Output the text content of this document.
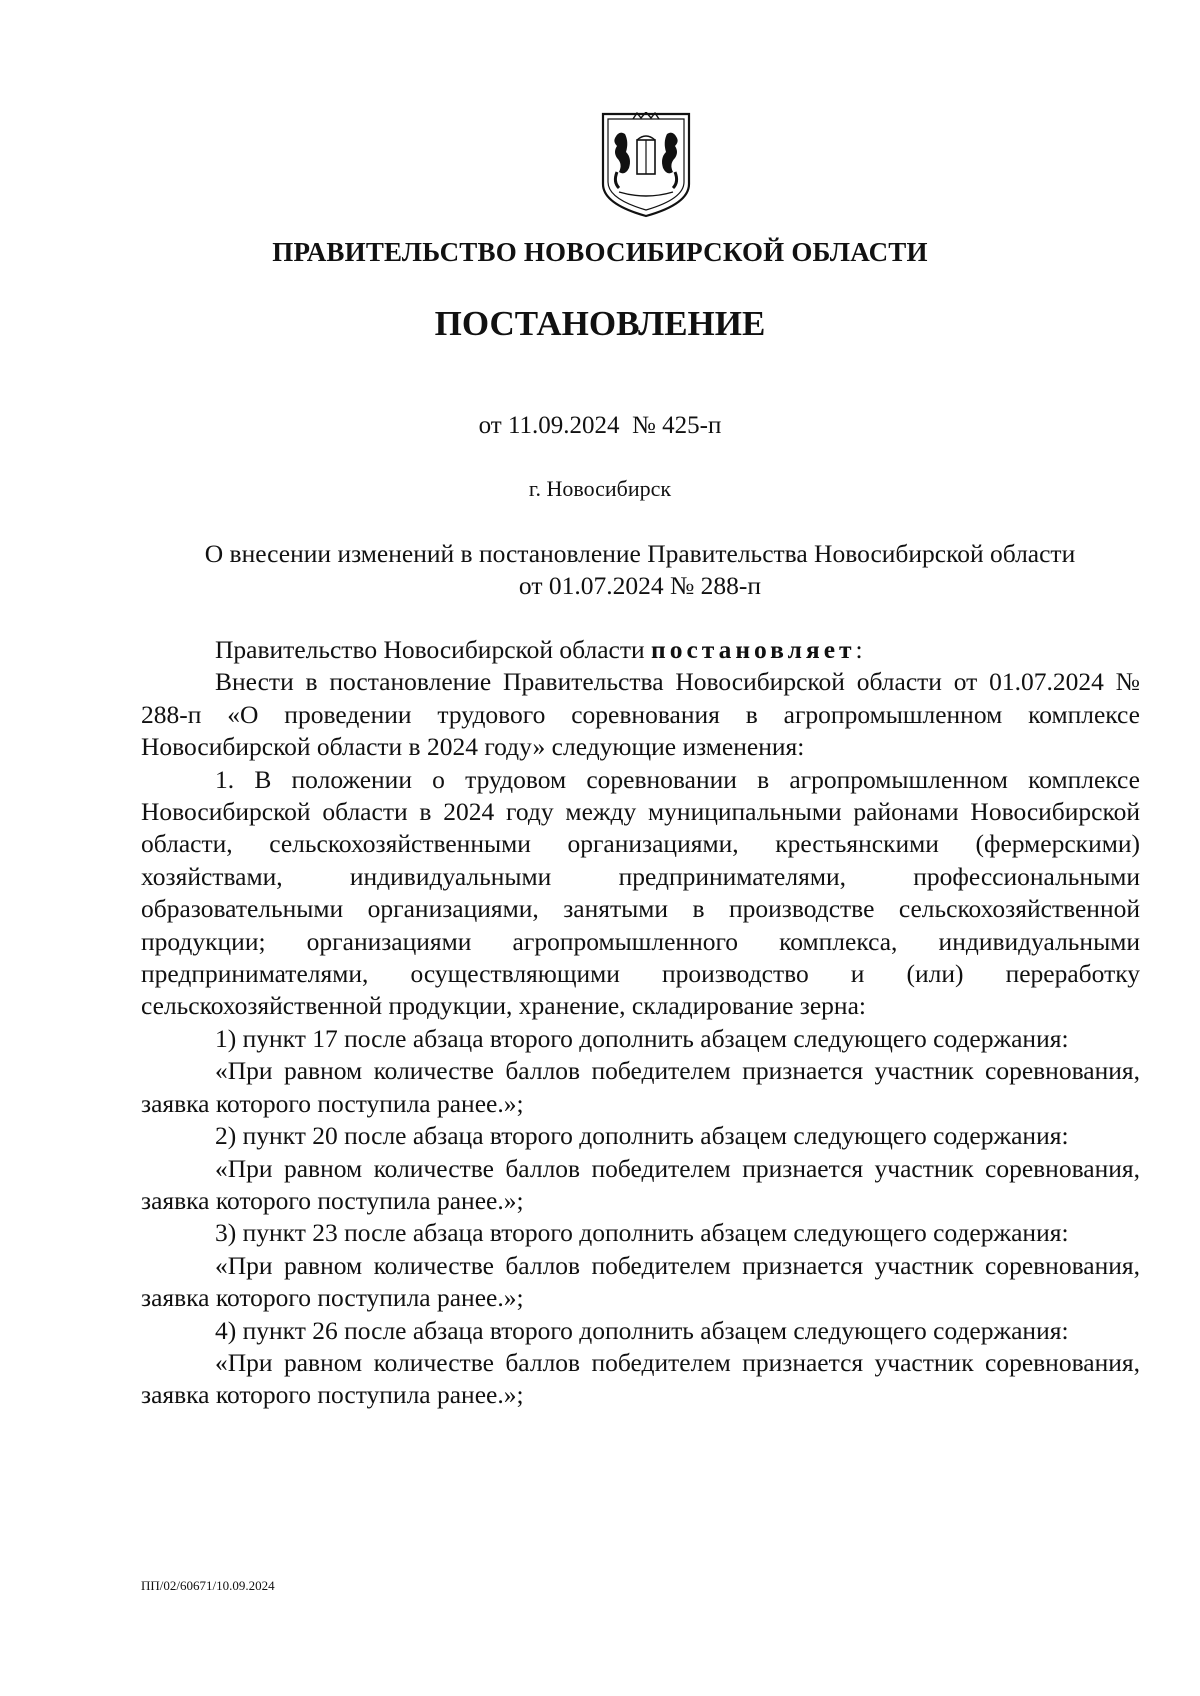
ПРАВИТЕЛЬСТВО НОВОСИБИРСКОЙ ОБЛАСТИ
ПОСТАНОВЛЕНИЕ
от 11.09.2024  № 425-п
г. Новосибирск
О внесении изменений в постановление Правительства Новосибирской области
от 01.07.2024 № 288-п

Правительство Новосибирской области постановляет:

Внести в постановление Правительства Новосибирской области от 01.07.2024 № 288-п «О проведении трудового соревнования в агропромышленном комплексе Новосибирской области в 2024 году» следующие изменения:

1. В положении о трудовом соревновании в агропромышленном комплексе Новосибирской области в 2024 году между муниципальными районами Новосибирской области, сельскохозяйственными организациями, крестьянскими (фермерскими) хозяйствами, индивидуальными предпринимателями, профессиональными образовательными организациями, занятыми в производстве сельскохозяйственной продукции; организациями агропромышленного комплекса, индивидуальными предпринимателями, осуществляющими производство и (или) переработку сельскохозяйственной продукции, хранение, складирование зерна:

1) пункт 17 после абзаца второго дополнить абзацем следующего содержания:

«При равном количестве баллов победителем признается участник соревнования, заявка которого поступила ранее.»;

2) пункт 20 после абзаца второго дополнить абзацем следующего содержания:

«При равном количестве баллов победителем признается участник соревнования, заявка которого поступила ранее.»;

3) пункт 23 после абзаца второго дополнить абзацем следующего содержания:

«При равном количестве баллов победителем признается участник соревнования, заявка которого поступила ранее.»;

4) пункт 26 после абзаца второго дополнить абзацем следующего содержания:

«При равном количестве баллов победителем признается участник соревнования, заявка которого поступила ранее.»;

ПП/02/60671/10.09.2024
